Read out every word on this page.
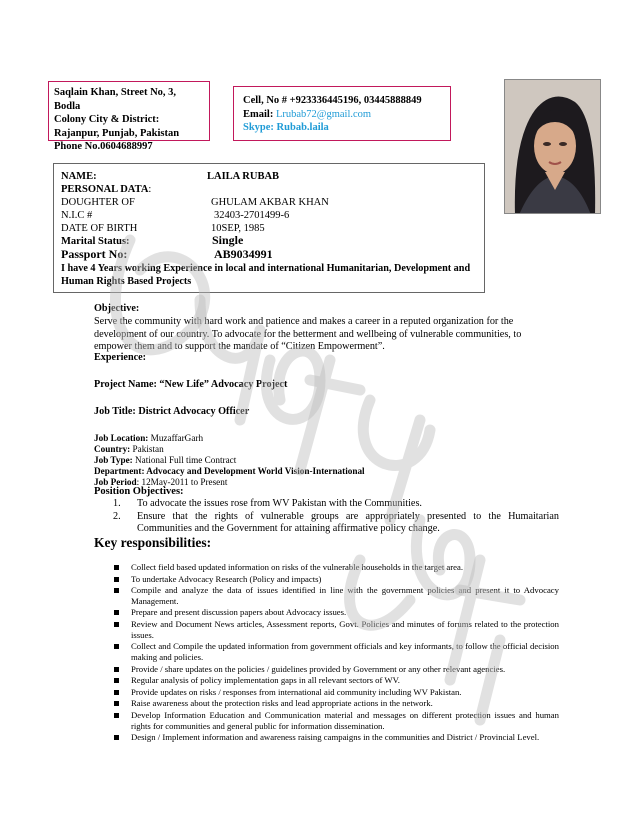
Saqlain Khan, Street No, 3, Bodla
Colony City & District:
Rajanpur, Punjab, Pakistan
Phone No.0604688997
Cell, No # +923336445196, 03445888849
Email: Lrubab72@gmail.com
Skype: Rubab.laila
NAME:	LAILA RUBAB
PERSONAL DATA:
DOUGHTER OF	GHULAM AKBAR KHAN
N.I.C #	32403-2701499-6
DATE OF BIRTH	10SEP, 1985
Marital Status:	Single
Passport No:	AB9034991
I have 4 Years working Experience in local and international Humanitarian, Development and Human Rights Based Projects
Objective:
Serve the community with hard work and patience and makes a career in a reputed organization for the development of our country. To advocate for the betterment and wellbeing of vulnerable communities, to empower them and to support the mandate of “Citizen Empowerment”.
Experience:
Project Name: “New Life” Advocacy Project
Job Title: District Advocacy Officer
Job Location: MuzaffarGarh
Country: Pakistan
Job Type: National Full time Contract
Department: Advocacy and Development World Vision-International
Job Period: 12May-2011 to Present
Position Objectives:
1. To advocate the issues rose from WV Pakistan with the Communities.
2. Ensure that the rights of vulnerable groups are appropriately presented to the Humaitarian Communities and the Government for attaining affirmative policy change.
Key responsibilities:
Collect field based updated information on risks of the vulnerable households in the target area.
To undertake Advocacy Research (Policy and impacts)
Compile and analyze the data of issues identified in line with the government policies and present it to Advocacy Management.
Prepare and present discussion papers about Advocacy issues.
Review and Document News articles, Assessment reports, Govt. Policies and minutes of forums related to the protection issues.
Collect and Compile the updated information from government officials and key informants, to follow the official decision making and policies.
Provide / share updates on the policies / guidelines provided by Government or any other relevant agencies.
Regular analysis of policy implementation gaps in all relevant sectors of WV.
Provide updates on risks / responses from international aid community including WV Pakistan.
Raise awareness about the protection risks and lead appropriate actions in the network.
Develop Information Education and Communication material and messages on different protection issues and human rights for communities and general public for information dissemination.
Design / Implement information and awareness raising campaigns in the communities and District / Provincial Level.
